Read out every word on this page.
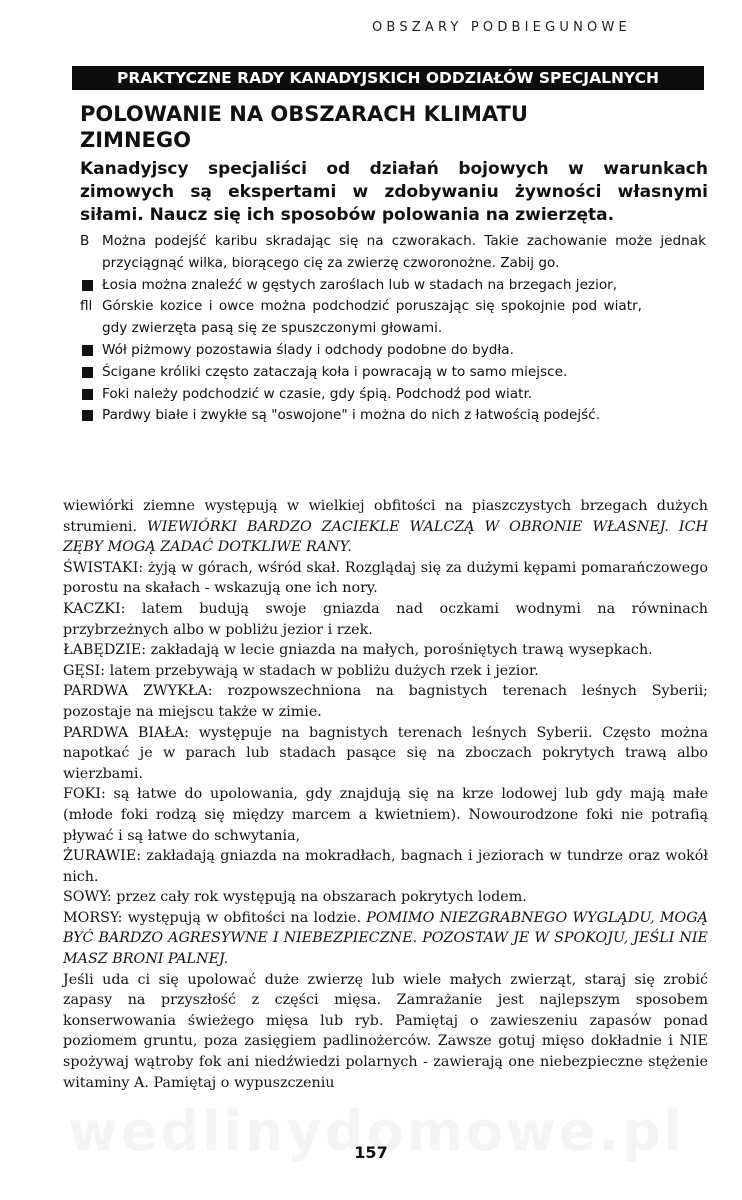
OBSZARY PODBIEGUNOWE
PRAKTYCZNE RADY KANADYJSKICH ODDZIAŁÓW SPECJALNYCH
POLOWANIE NA OBSZARACH KLIMATU ZIMNEGO

Kanadyjscy specjaliści od działań bojowych w warunkach zimowych są ekspertami w zdobywaniu żywności własnymi siłami. Naucz się ich sposobów polowania na zwierzęta.

B Można podejść karibu skradając się na czworakach. Takie zachowanie może jednak przyciągnąć wilka, biorącego cię za zwierzę czworonożne. Zabij go.
Łosia można znaleźć w gęstych zaroślach lub w stadach na brzegach jezior,
fll Górskie kozice i owce można podchodzić poruszając się spokojnie pod wiatr, gdy zwierzęta pasą się ze spuszczonymi głowami.
Wół piżmowy pozostawia ślady i odchody podobne do bydła.
Ścigane króliki często zataczają koła i powracają w to samo miejsce.
Foki należy podchodzić w czasie, gdy śpią. Podchodź pod wiatr.
Pardwy białe i zwykłe są "oswojone" i można do nich z łatwością podejść.

wiewiórki ziemne występują w wielkiej obfitości na piaszczystych brzegach dużych strumieni. WIEWIÓRKI BARDZO ZACIEKLE WALCZĄ W OBRONIE WŁASNEJ. ICH ZĘBY MOGĄ ZADAĆ DOTKLIWE RANY.

ŚWISTAKI: żyją w górach, wśród skał. Rozglądaj się za dużymi kępami pomarańczowego porostu na skałach - wskazują one ich nory.

KACZKI: latem budują swoje gniazda nad oczkami wodnymi na równinach przybrzeżnych albo w pobliżu jezior i rzek.

ŁABĘDZIE: zakładają w lecie gniazda na małych, porośniętych trawą wysepkach.

GĘSI: latem przebywają w stadach w pobliżu dużych rzek i jezior.

PARDWA ZWYKŁA: rozpowszechniona na bagnistych terenach leśnych Syberii; pozostaje na miejscu także w zimie.

PARDWA BIAŁA: występuje na bagnistych terenach leśnych Syberii. Często można napotkać je w parach lub stadach pasące się na zboczach pokrytych trawą albo wierzbami.

FOKI: są łatwe do upolowania, gdy znajdują się na krze lodowej lub gdy mają małe (młode foki rodzą się między marcem a kwietniem). Nowourodzone foki nie potrafią pływać i są łatwe do schwytania,

ŻURAWIE: zakładają gniazda na mokradłach, bagnach i jeziorach w tundrze oraz wokół nich.

SOWY: przez cały rok występują na obszarach pokrytych lodem.

MORSY: występują w obfitości na lodzie. POMIMO NIEZGRABNEGO WYGLĄDU, MOGĄ BYĆ BARDZO AGRESYWNE I NIEBEZPIECZNE. POZOSTAW JE W SPOKOJU, JEŚLI NIE MASZ BRONI PALNEJ.

Jeśli uda ci się upolować duże zwierzę lub wiele małych zwierząt, staraj się zrobić zapasy na przyszłość z części mięsa. Zamrażanie jest najlepszym sposobem konserwowania świeżego mięsa lub ryb. Pamiętaj o zawieszeniu zapasów ponad poziomem gruntu, poza zasięgiem padlinożerców. Zawsze gotuj mięso dokładnie i NIE spożywaj wątroby fok ani niedźwiedzi polarnych - zawierają one niebezpieczne stężenie witaminy A. Pamiętaj o wypuszczeniu

157
